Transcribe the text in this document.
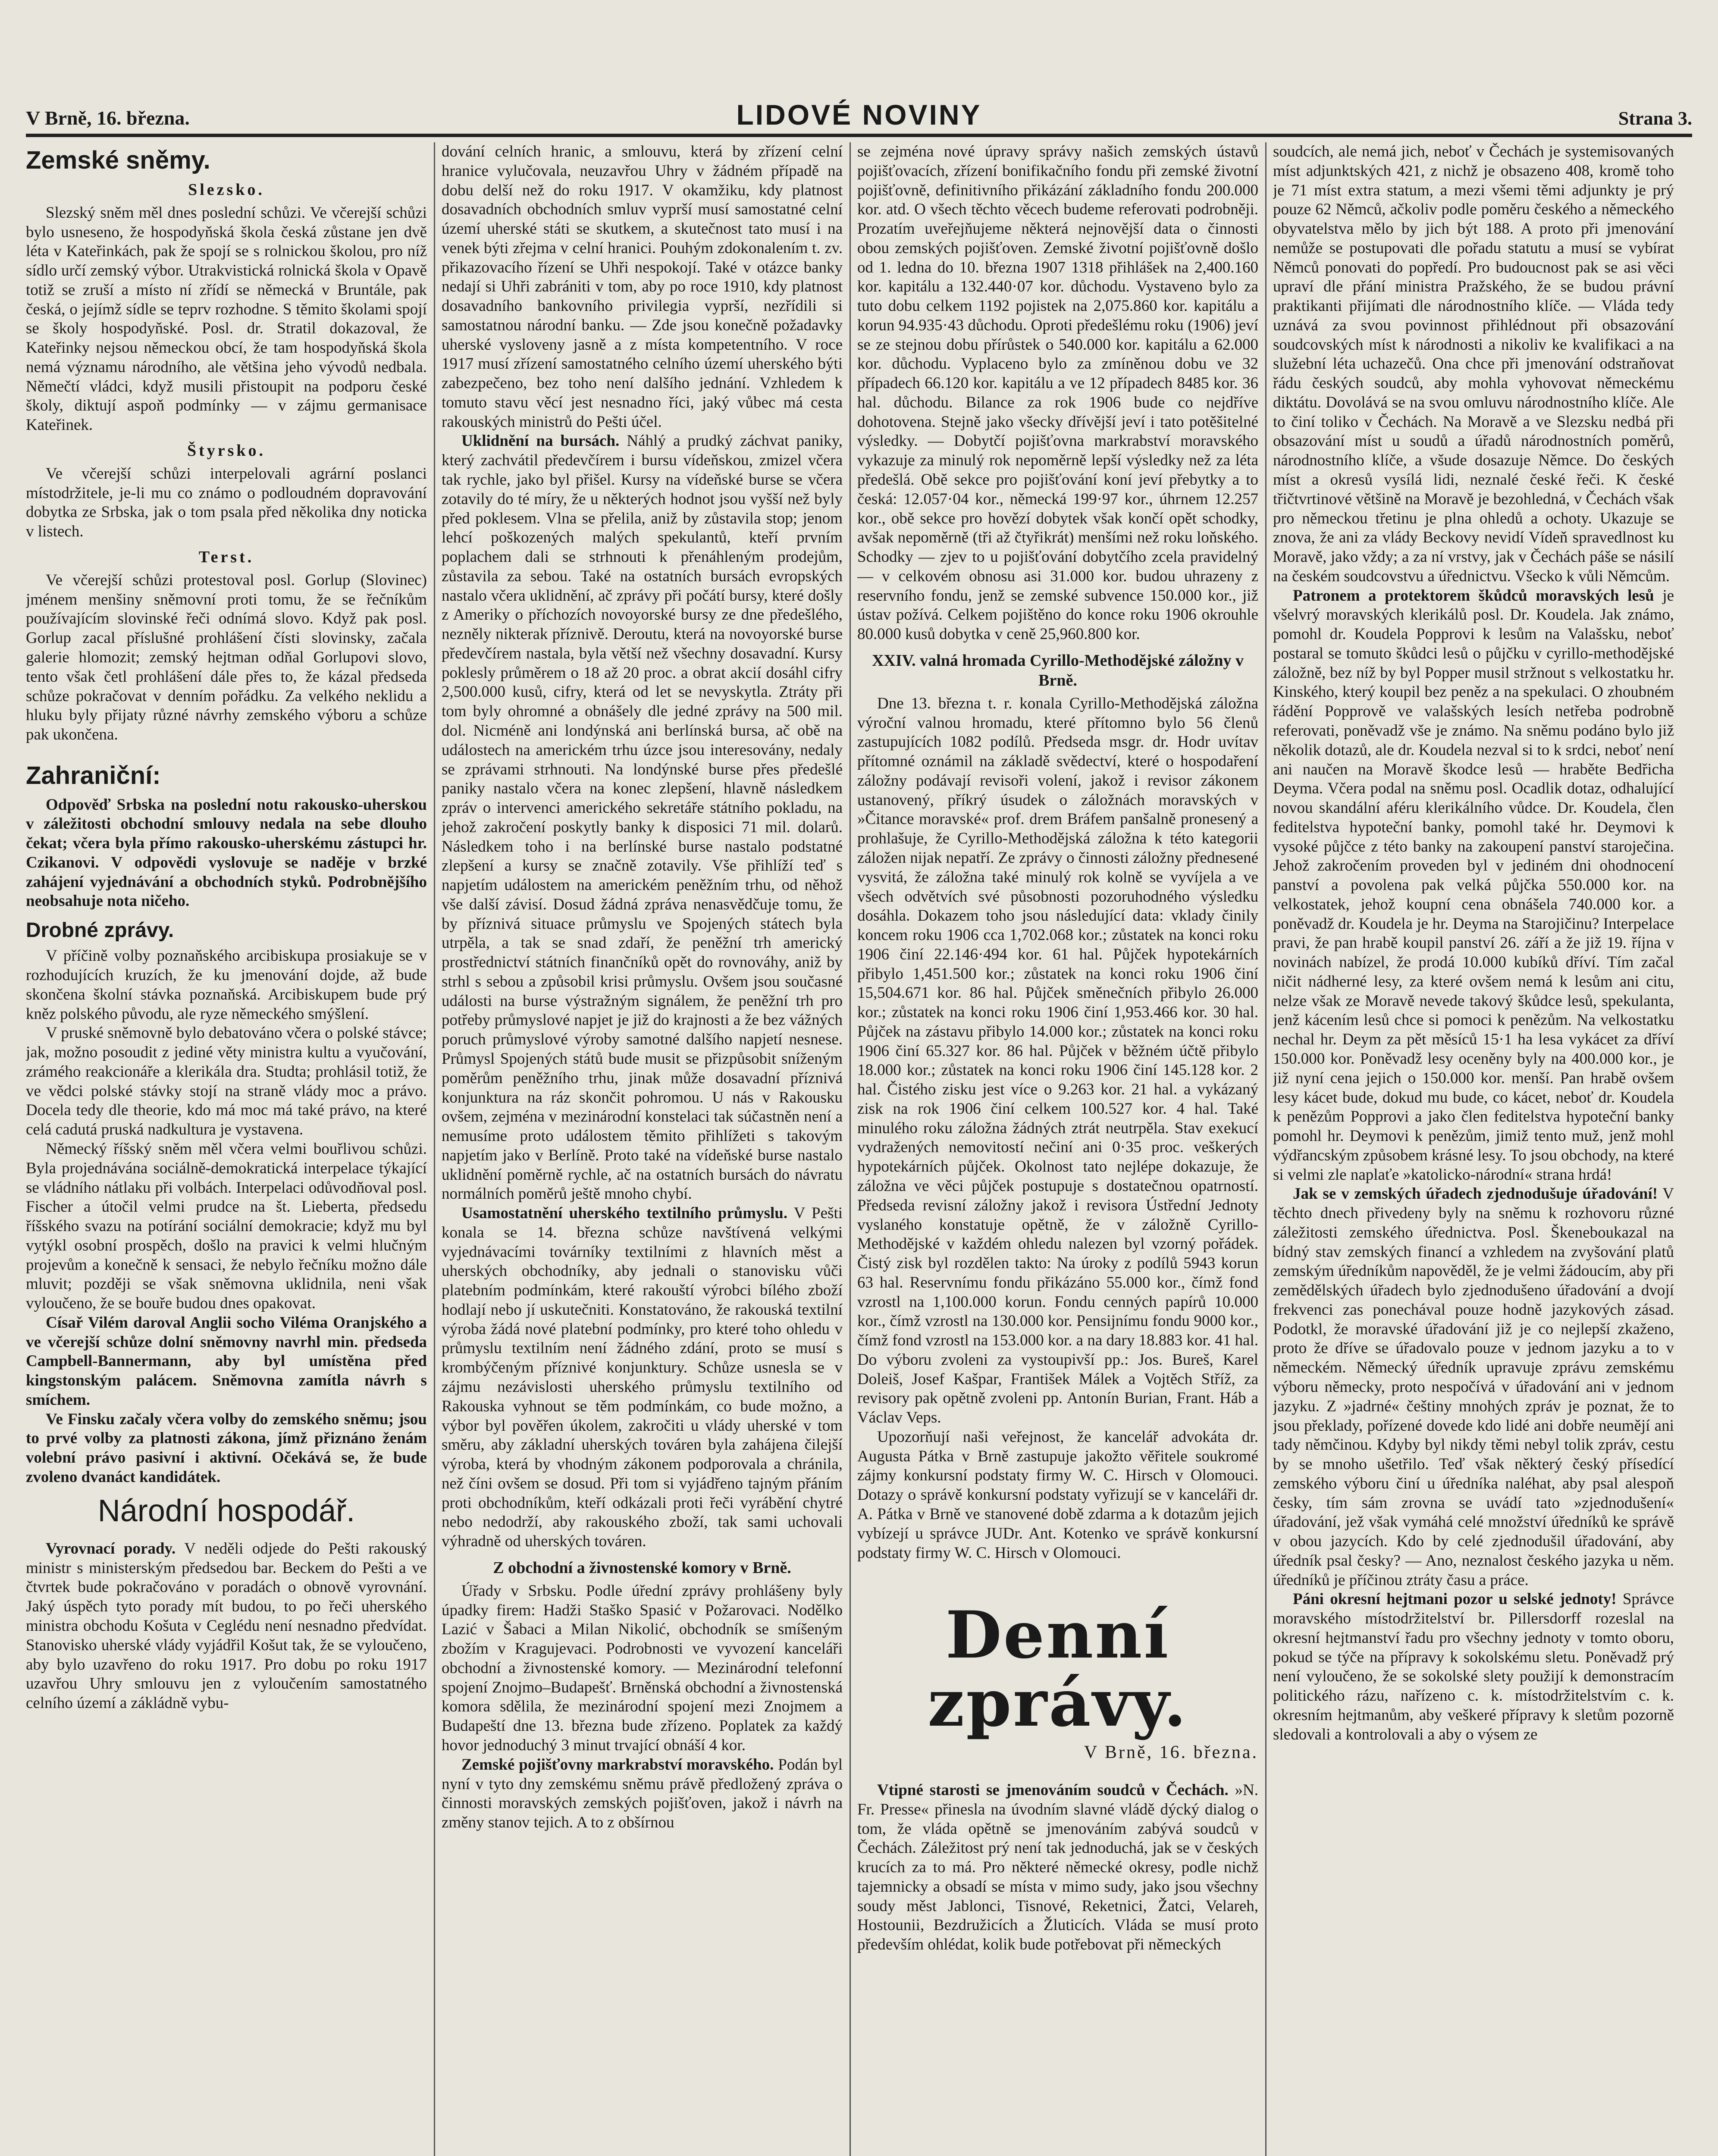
V Brně, 16. března.	LIDOVÉ NOVINY	Strana 3.
Zemské sněmy.
Slezsko.

Slezský sněm měl dnes poslední schůzi. Ve včerejší schůzi bylo usneseno, že hospodyňská škola česká zůstane jen dvě léta v Kateřinkách, pak že spojí se s rolnickou školou, pro níž sídlo určí zemský výbor. Utrakvistická rolnická škola v Opavě totiž se zruší a místo ní zřídí se německá v Bruntále, pak česká, o jejímž sídle se teprv rozhodne. S těmito školami spojí se školy hospodyňské. Posl. dr. Stratil dokazoval, že Kateřinky nejsou německou obcí, že tam hospodyňská škola nemá významu národního, ale většina jeho vývodů nedbala. Němečtí vládci, když musili přistoupit na podporu české školy, diktují aspoň podmínky — v zájmu germanisace Kateřinek.

Štyrsko.

Ve včerejší schůzi interpelovali agrární poslanci místodržitele, je-li mu co známo o podloudném dopravování dobytka ze Srbska, jak o tom psala před několika dny noticka v listech.

Terst.

Ve včerejší schůzi protestoval posl. Gorlup (Slovinec) jménem menšiny sněmovní proti tomu, že se řečníkům používajícím slovinské řeči odnímá slovo. Když pak posl. Gorlup zacal příslušné prohlášení čísti slovinsky, začala galerie hlomozit; zemský hejtman odňal Gorlupovi slovo, tento však četl prohlášení dále přes to, že kázal předseda schůze pokračovat v denním pořádku. Za velkého neklidu a hluku byly přijaty různé návrhy zemského výboru a schůze pak ukončena.

Zahraniční:

Odpověď Srbska na poslední notu rakousko-uherskou v záležitosti obchodní smlouvy nedala na sebe dlouho čekat; včera byla přímo rakousko-uherskému zástupci hr. Czikanovi. V odpovědi vyslovuje se naděje v brzké zahájení vyjednávání a obchodních styků. Podrobnějšího neobsahuje nota ničeho.

Drobné zprávy.

V příčině volby poznaňského arcibiskupa prosiakuje se v rozhodujících kruzích, že ku jmenování dojde, až bude skončena školní stávka poznaňská. Arcibiskupem bude prý kněz polského původu, ale ryze německého smýšlení.

V pruské sněmovně bylo debatováno včera o polské stávce; jak, možno posoudit z jediné věty ministra kultu a vyučování, zrámého reakcionáře a klerikála dra. Studta; prohlásil totiž, že ve vědci polské stávky stojí na straně vlády moc a právo. Docela tedy dle theorie, kdo má moc má také právo, na které celá cadutá pruská nadkultura je vystavena.

Německý říšský sněm měl včera velmi bouřlivou schůzi. Byla projednávána sociálně-demokratická interpelace týkající se vládního nátlaku při volbách. Interpelaci odůvodňoval posl. Fischer a útočil velmi prudce na št. Lieberta, předsedu říšského svazu na potírání sociální demokracie; když mu byl vytýkl osobní prospěch, došlo na pravici k velmi hlučným projevům a konečně k sensaci, že nebylo řečníku možno dále mluvit; později se však sněmovna uklidnila, neni však vyloučeno, že se bouře budou dnes opakovat.

Císař Vilém daroval Anglii socho Viléma Oranjského a ve včerejší schůze dolní sněmovny navrhl min. předseda Campbell-Bannermann, aby byl umístěna před kingstonským palácem. Sněmovna zamítla návrh s smíchem.

Ve Finsku začaly včera volby do zemského sněmu; jsou to prvé volby za platnosti zákona, jímž přiznáno ženám volební právo pasivní i aktivní. Očekává se, že bude zvoleno dvanáct kandidátek.

Národní hospodář.

Vyrovnací porady. V neděli odjede do Pešti rakouský ministr s ministerským předsedou bar. Beckem do Pešti a ve čtvrtek bude pokračováno v poradách o obnově vyrovnání. Jaký úspěch tyto porady mít budou, to po řeči uherského ministra obchodu Košuta v Ceglédu není nesnadno předvídat. Stanovisko uherské vlády vyjádřil Košut tak, že se vyloučeno, aby bylo uzavřeno do roku 1917. Pro dobu po roku 1917 uzavřou Uhry smlouvu jen z vyloučením samostatného celního území a zákládně vybu-

dování celních hranic, a smlouvu, která by zřízení celní hranice vylučovala, neuzavřou Uhry v žádném případě na dobu delší než do roku 1917. V okamžiku, kdy platnost dosavadních obchodních smluv vyprší musí samostatné celní území uherské státi se skutkem, a skutečnost tato musí i na venek býti zřejma v celní hranici. Pouhým zdokonalením t. zv. přikazovacího řízení se Uhři nespokojí. Také v otázce banky nedají si Uhři zabrániti v tom, aby po roce 1910, kdy platnost dosavadního bankovního privilegia vyprší, nezřídili si samostatnou národní banku. — Zde jsou konečně požadavky uherské vysloveny jasně a z místa kompetentního. V roce 1917 musí zřízení samostatného celního území uherského býti zabezpečeno, bez toho není dalšího jednání. Vzhledem k tomuto stavu věcí jest nesnadno říci, jaký vůbec má cesta rakouských ministrů do Pešti účel.

Uklidnění na bursách. Náhlý a prudký záchvat paniky, který zachvátil předevčírem i bursu vídeňskou, zmizel včera tak rychle, jako byl přišel. Kursy na vídeňské burse se včera zotavily do té míry, že u některých hodnot jsou vyšší než byly před poklesem. Vlna se přelila, aniž by zůstavila stop; jenom lehcí poškozených malých spekulantů, kteří prvním poplachem dali se strhnouti k přenáhleným prodejům, zůstavila za sebou. Také na ostatních bursách evropských nastalo včera uklidnění, ač zprávy při počátí bursy, které došly z Ameriky o příchozích novoyorské bursy ze dne předešlého, nezněly nikterak příznivě. Deroutu, která na novoyorské burse předevčírem nastala, byla větší než všechny dosavadní. Kursy poklesly průměrem o 18 až 20 proc. a obrat akcií dosáhl cifry 2,500.000 kusů, cifry, která od let se nevyskytla. Ztráty při tom byly ohromné a obnášely dle jedné zprávy na 500 mil. dol. Nicméně ani londýnská ani berlínská bursa, ač obě na událostech na americkém trhu úzce jsou interesovány, nedaly se zprávami strhnouti. Na londýnské burse přes předešlé paniky nastalo včera na konec zlepšení, hlavně následkem zpráv o intervenci amerického sekretáře státního pokladu, na jehož zakročení poskytly banky k disposici 71 mil. dolarů. Následkem toho i na berlínské burse nastalo podstatné zlepšení a kursy se značně zotavily. Vše přihlíží teď s napjetím událostem na americkém peněžním trhu, od něhož vše další závisí. Dosud žádná zpráva nenasvědčuje tomu, že by příznivá situace průmyslu ve Spojených státech byla utrpěla, a tak se snad zdaří, že peněžní trh americký prostřednictví státních finančníků opět do rovnováhy, aniž by strhl s sebou a způsobil krisi průmyslu. Ovšem jsou současné události na burse výstražným signálem, že peněžní trh pro potřeby průmyslové napjet je již do krajnosti a že bez vážných poruch průmyslové výroby samotné dalšího napjetí nesnese. Průmysl Spojených států bude musit se přizpůsobit sníženým poměrům peněžního trhu, jinak může dosavadní příznivá konjunktura na ráz skončit pohromou. U nás v Rakousku ovšem, zejména v mezinárodní konstelaci tak súčastněn není a nemusíme proto událostem těmito přihlížeti s takovým napjetím jako v Berlíně. Proto také na vídeňské burse nastalo uklidnění poměrně rychle, ač na ostatních bursách do návratu normálních poměrů ještě mnoho chybí.

Usamostatnění uherského textilního průmyslu. V Pešti konala se 14. března schůze navštívená velkými vyjednávacími továrníky textilními z hlavních měst a uherských obchodníky, aby jednali o stanovisku vůči platebním podmínkám, které rakouští výrobci bílého zboží hodlají nebo jí uskutečniti. Konstatováno, že rakouská textilní výroba žádá nové platební podmínky, pro které toho ohledu v průmyslu textilním není žádného zdání, proto se musí s krombýčeným příznivé konjunktury. Schůze usnesla se v zájmu nezávislosti uherského průmyslu textilního od Rakouska vyhnout se těm podmínkám, co bude možno, a výbor byl pověřen úkolem, zakročiti u vlády uherské v tom směru, aby základní uherských továren byla zahájena čilejší výroba, která by vhodným zákonem podporovala a chránila, než číni ovšem se dosud. Při tom si vyjádřeno tajným přáním proti obchodníkům, kteří odkázali proti řeči vyrábění chytré nebo nedodrží, aby rakouského zboží, tak sami uchovali výhradně od uherských továren.

Z obchodní a živnostenské komory v Brně.

Úřady v Srbsku. Podle úřední zprávy prohlášeny byly úpadky firem: Hadži Staško Spasić v Požarovaci. Nodělko Lazić v Šabaci a Milan Nikolić, obchodník se smíšeným zbožím v Kragujevaci. Podrobnosti ve vyvození kanceláři obchodní a živnostenské komory. — Mezinárodní telefonní spojení Znojmo–Budapešť. Brněnská obchodní a živnostenská komora sdělila, že mezinárodní spojení mezi Znojmem a Budapeští dne 13. března bude zřízeno. Poplatek za každý hovor jednoduchý 3 minut trvající obnáší 4 kor.

Zemské pojišťovny markrabství moravského. Podán byl nyní v tyto dny zemskému sněmu právě předložený zpráva o činnosti moravských zemských pojišťoven, jakož i návrh na změny stanov tejich. A to z obšírnou

se zejména nové úpravy správy našich zemských ústavů pojišťovacích, zřízení bonifikačního fondu při zemské životní pojišťovně, definitivního přikázání základního fondu 200.000 kor. atd. O všech těchto věcech budeme referovati podrobněji. Prozatím uveřejňujeme některá nejnovější data o činnosti obou zemských pojišťoven. Zemské životní pojišťovně došlo od 1. ledna do 10. března 1907 1318 přihlášek na 2,400.160 kor. kapitálu a 132.440·07 kor. důchodu. Vystaveno bylo za tuto dobu celkem 1192 pojistek na 2,075.860 kor. kapitálu a korun 94.935·43 důchodu. Oproti předešlému roku (1906) jeví se ze stejnou dobu přírůstek o 540.000 kor. kapitálu a 62.000 kor. důchodu. Vyplaceno bylo za zmíněnou dobu ve 32 případech 66.120 kor. kapitálu a ve 12 případech 8485 kor. 36 hal. důchodu. Bilance za rok 1906 bude co nejdříve dohotovena. Stejně jako všecky dřívější jeví i tato potěšitelné výsledky. — Dobytčí pojišťovna markrabství moravského vykazuje za minulý rok nepoměrně lepší výsledky než za léta předešlá. Obě sekce pro pojišťování koní jeví přebytky a to česká: 12.057·04 kor., německá 199·97 kor., úhrnem 12.257 kor., obě sekce pro hovězí dobytek však končí opět schodky, avšak nepoměrně (tři až čtyřikrát) menšími než roku loňského. Schodky — zjev to u pojišťování dobytčího zcela pravidelný — v celkovém obnosu asi 31.000 kor. budou uhrazeny z reservního fondu, jenž se zemské subvence 150.000 kor., již ústav požívá. Celkem pojištěno do konce roku 1906 okrouhle 80.000 kusů dobytka v ceně 25,960.800 kor.

XXIV. valná hromada Cyrillo-Methodějské záložny v Brně.

Dne 13. března t. r. konala Cyrillo-Methodějská záložna výroční valnou hromadu, které přítomno bylo 56 členů zastupujících 1082 podílů. Předseda msgr. dr. Hodr uvítav přítomné oznámil na základě svědectví, které o hospodaření záložny podávají revisoři volení, jakož i revisor zákonem ustanovený, příkrý úsudek o záložnách moravských v »Čitance moravské« prof. drem Bráfem panšalně pronesený a prohlašuje, že Cyrillo-Methodějská záložna k této kategorii záložen nijak nepatří. Ze zprávy o činnosti záložny přednesené vysvitá, že záložna také minulý rok kolně se vyvíjela a ve všech odvětvích své působnosti pozoruhodného výsledku dosáhla. Dokazem toho jsou následující data: vklady činily koncem roku 1906 cca 1,702.068 kor.; zůstatek na konci roku 1906 činí 22.146·494 kor. 61 hal. Půjček hypotekárních přibylo 1,451.500 kor.; zůstatek na konci roku 1906 činí 15,504.671 kor. 86 hal. Půjček směnečních přibylo 26.000 kor.; zůstatek na konci roku 1906 činí 1,953.466 kor. 30 hal. Půjček na zástavu přibylo 14.000 kor.; zůstatek na konci roku 1906 činí 65.327 kor. 86 hal. Půjček v běžném účtě přibylo 18.000 kor.; zůstatek na konci roku 1906 činí 145.128 kor. 2 hal. Čistého zisku jest více o 9.263 kor. 21 hal. a vykázaný zisk na rok 1906 činí celkem 100.527 kor. 4 hal. Také minulého roku záložna žádných ztrát neutrpěla. Stav exekucí vydražených nemovitostí nečiní ani 0·35 proc. veškerých hypotekárních půjček. Okolnost tato nejlépe dokazuje, že záložna ve věci půjček postupuje s dostatečnou opatrností. Předseda revisní záložny jakož i revisora Ústřední Jednoty vyslaného konstatuje opětně, že v záložně Cyrillo-Methodějské v každém ohledu nalezen byl vzorný pořádek. Čistý zisk byl rozdělen takto: Na úroky z podílů 5943 korun 63 hal. Reservnímu fondu přikázáno 55.000 kor., čímž fond vzrostl na 1,100.000 korun. Fondu cenných papírů 10.000 kor., čímž vzrostl na 130.000 kor. Pensijnímu fondu 9000 kor., čímž fond vzrostl na 153.000 kor. a na dary 18.883 kor. 41 hal. Do výboru zvoleni za vystoupivší pp.: Jos. Bureš, Karel Doleiš, Josef Kašpar, František Málek a Vojtěch Stříž, za revisory pak opětně zvoleni pp. Antonín Burian, Frant. Háb a Václav Veps.

Upozorňují naši veřejnost, že kancelář advokáta dr. Augusta Pátka v Brně zastupuje jakožto věřitele soukromé zájmy konkursní podstaty firmy W. C. Hirsch v Olomouci. Dotazy o správě konkursní podstaty vyřizují se v kanceláři dr. A. Pátka v Brně ve stanovené době zdarma a k dotazům jejich vybízejí u správce JUDr. Ant. Kotenko ve správě konkursní podstaty firmy W. C. Hirsch v Olomouci.

Denní zprávy.
V Brně, 16. března.

Vtipné starosti se jmenováním soudců v Čechách. »N. Fr. Presse« přinesla na úvodním slavné vládě dýcký dialog o tom, že vláda opětně se jmenováním zabývá soudců v Čechách. Záležitost prý není tak jednoduchá, jak se v českých krucích za to má. Pro některé německé okresy, podle nichž tajemnicky a obsadí se místa v mimo sudy, jako jsou všechny soudy měst Jablonci, Tisnové, Reketnici, Žatci, Velareh, Hostounii, Bezdružicích a Žluticích. Vláda se musí proto především ohlédat, kolik bude potřebovat při německých

soudcích, ale nemá jich, neboť v Čechách je systemisovaných míst adjunktských 421, z nichž je obsazeno 408, kromě toho je 71 míst extra statum, a mezi všemi těmi adjunkty je prý pouze 62 Němců, ačkoliv podle poměru českého a německého obyvatelstva mělo by jich být 188. A proto při jmenování nemůže se postupovati dle pořadu statutu a musí se vybírat Němců ponovati do popředí. Pro budoucnost pak se asi věci upraví dle přání ministra Pražského, že se budou právní praktikanti přijímati dle národnostního klíče. — Vláda tedy uznává za svou povinnost přihlédnout při obsazování soudcovských míst k národnosti a nikoliv ke kvalifikaci a na služební léta uchazečů. Ona chce při jmenování odstraňovat řádu českých soudců, aby mohla vyhovovat německému diktátu. Dovolává se na svou omluvu národnostního klíče. Ale to činí toliko v Čechách. Na Moravě a ve Slezsku nedbá při obsazování míst u soudů a úřadů národnostních poměrů, národnostního klíče, a všude dosazuje Němce. Do českých míst a okresů vysílá lidi, neznalé české řeči. K české třičtvrtinové většině na Moravě je bezohledná, v Čechách však pro německou třetinu je plna ohledů a ochoty. Ukazuje se znova, že ani za vlády Beckovy nevidí Vídeň spravedlnost ku Moravě, jako vždy; a za ní vrstvy, jak v Čechách páše se násilí na českém soudcovstvu a úřednictvu. Všecko k vůli Němcům.

Patronem a protektorem škůdců moravských lesů je všelvrý moravských klerikálů posl. Dr. Koudela. Jak známo, pomohl dr. Koudela Popprovi k lesům na Valašsku, neboť postaral se tomuto škůdci lesů o půjčku v cyrillo-methodějské záložně, bez níž by byl Popper musil stržnout s velkostatku hr. Kinského, který koupil bez peněz a na spekulaci. O zhoubném řádění Popprově ve valašských lesích netřeba podrobně referovati, poněvadž vše je známo. Na sněmu podáno bylo již několik dotazů, ale dr. Koudela nezval si to k srdci, neboť není ani naučen na Moravě škodce lesů — hraběte Bedřicha Deyma. Včera podal na sněmu posl. Ocadlik dotaz, odhalující novou skandální aféru klerikálního vůdce. Dr. Koudela, člen feditelstva hypoteční banky, pomohl také hr. Deymovi k vysoké půjčce z této banky na zakoupení panství staroječina. Jehož zakročením proveden byl v jediném dni ohodnocení panství a povolena pak velká půjčka 550.000 kor. na velkostatek, jehož koupní cena obnášela 740.000 kor. a poněvadž dr. Koudela je hr. Deyma na Starojičinu? Interpelace pravi, že pan hrabě koupil panství 26. září a že již 19. října v novinách nabízel, že prodá 10.000 kubíků dříví. Tím začal ničit nádherné lesy, za které ovšem nemá k lesům ani citu, nelze však ze Moravě nevede takový škůdce lesů, spekulanta, jenž kácením lesů chce si pomoci k penězům. Na velkostatku nechal hr. Deym za pět měsíců 15·1 ha lesa vykácet za dříví 150.000 kor. Poněvadž lesy oceněny byly na 400.000 kor., je již nyní cena jejich o 150.000 kor. menší. Pan hrabě ovšem lesy kácet bude, dokud mu bude, co kácet, neboť dr. Koudela k penězům Popprovi a jako člen feditelstva hypoteční banky pomohl hr. Deymovi k penězům, jimiž tento muž, jenž mohl výdřancským způsobem krásné lesy. To jsou obchody, na které si velmi zle naplaťe »katolicko-národní« strana hrdá!

Jak se v zemských úřadech zjednodušuje úřadování! V těchto dnech přivedeny byly na sněmu k rozhovoru různé záležitosti zemského úřednictva. Posl. Škeneboukazal na bídný stav zemských financí a vzhledem na zvyšování platů zemským úředníkům napověděl, že je velmi žádoucím, aby při zemědělských úřadech bylo zjednodušeno úřadování a dvojí frekvenci zas ponechával pouze hodně jazykových zásad. Podotkl, že moravské úřadování již je co nejlepší zkaženo, proto že dříve se úřadovalo pouze v jednom jazyku a to v německém. Německý úředník upravuje zprávu zemskému výboru německy, proto nespočívá v úřadování ani v jednom jazyku. Z »jadrné« češtiny mnohých zpráv je poznat, že to jsou překlady, pořízené dovede kdo lidé ani dobře neumějí ani tady němčinou. Kdyby byl nikdy těmi nebyl tolik zpráv, cestu by se mnoho ušetřilo. Teď však některý český přísedící zemského výboru činí u úředníka naléhat, aby psal alespoň česky, tím sám zrovna se uvádí tato »zjednodušení« úřadování, jež však vymáhá celé množství úředníků ke správě v obou jazycích. Kdo by celé zjednodušil úřadování, aby úředník psal česky? — Ano, neznalost českého jazyka u něm. úředníků je příčinou ztráty času a práce.

Páni okresní hejtmani pozor u selské jednoty! Správce moravského místodržitelství br. Pillersdorff rozeslal na okresní hejtmanství řadu pro všechny jednoty v tomto oboru, pokud se týče na přípravy k sokolskému sletu. Poněvadž prý není vyloučeno, že se sokolské slety použijí k demonstracím politického rázu, nařízeno c. k. místodržitelstvím c. k. okresním hejtmanům, aby veškeré přípravy k sletům pozorně sledovali a kontrolovali a aby o výsem ze
